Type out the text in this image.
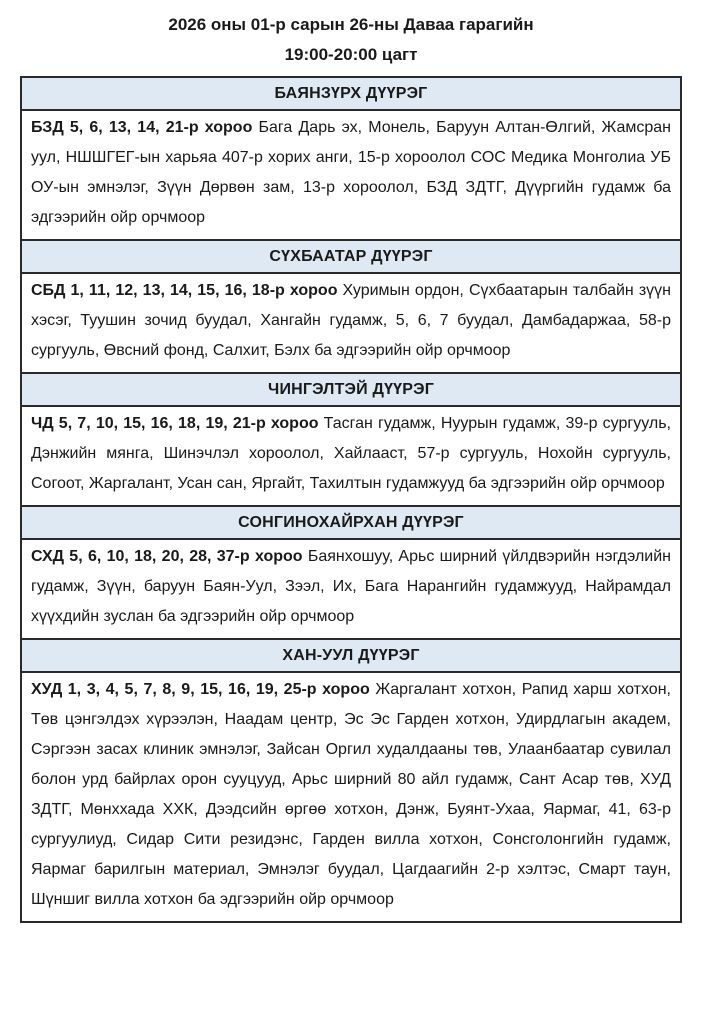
2026 оны 01-р сарын 26-ны Даваа гарагийн
19:00-20:00 цагт
БАЯНЗҮРХ ДҮҮРЭГ
БЗД 5, 6, 13, 14, 21-р хороо Бага Дарь эх, Монель, Баруун Алтан-Өлгий, Жамсран уул, НШШГЕГ-ын харьяа 407-р хорих анги, 15-р хороолол СОС Медика Монголиа УБ ОУ-ын эмнэлэг, Зүүн Дөрвөн зам, 13-р хороолол, БЗД ЗДТГ, Дүүргийн гудамж ба эдгээрийн ойр орчмоор
СҮХБААТАР ДҮҮРЭГ
СБД 1, 11, 12, 13, 14, 15, 16, 18-р хороо Хуримын ордон, Сүхбаатарын талбайн зүүн хэсэг, Туушин зочид буудал, Хангайн гудамж, 5, 6, 7 буудал, Дамбадаржаа, 58-р сургууль, Өвсний фонд, Салхит, Бэлх ба эдгээрийн ойр орчмоор
ЧИНГЭЛТЭЙ ДҮҮРЭГ
ЧД 5, 7, 10, 15, 16, 18, 19, 21-р хороо Тасган гудамж, Нуурын гудамж, 39-р сургууль, Дэнжийн мянга, Шинэчлэл хороолол, Хайлааст, 57-р сургууль, Нохойн сургууль, Согоот, Жаргалант, Усан сан, Яргайт, Тахилтын гудамжууд ба эдгээрийн ойр орчмоор
СОНГИНОХАЙРХАН ДҮҮРЭГ
СХД 5, 6, 10, 18, 20, 28, 37-р хороо Баянхошуу, Арьс ширний үйлдвэрийн нэгдэлийн гудамж, Зүүн, баруун Баян-Уул, Зээл, Их, Бага Нарангийн гудамжууд, Найрамдал хүүхдийн зуслан ба эдгээрийн ойр орчмоор
ХАН-УУЛ ДҮҮРЭГ
ХУД 1, 3, 4, 5, 7, 8, 9, 15, 16, 19, 25-р хороо Жаргалант хотхон, Рапид харш хотхон, Төв цэнгэлдэх хүрээлэн, Наадам центр, Эс Эс Гарден хотхон, Удирдлагын академ, Сэргээн засах клиник эмнэлэг, Зайсан Оргил худалдааны төв, Улаанбаатар сувилал болон урд байрлах орон сууцууд, Арьс ширний 80 айл гудамж, Сант Асар төв, ХУД ЗДТГ, Мөнххада ХХК, Дээдсийн өргөө хотхон, Дэнж, Буянт-Ухаа, Яармаг, 41, 63-р сургуулиуд, Сидар Сити резидэнс, Гарден вилла хотхон, Сонсголонгийн гудамж, Яармаг барилгын материал, Эмнэлэг буудал, Цагдаагийн 2-р хэлтэс, Смарт таун, Шүншиг вилла хотхон ба эдгээрийн ойр орчмоор
